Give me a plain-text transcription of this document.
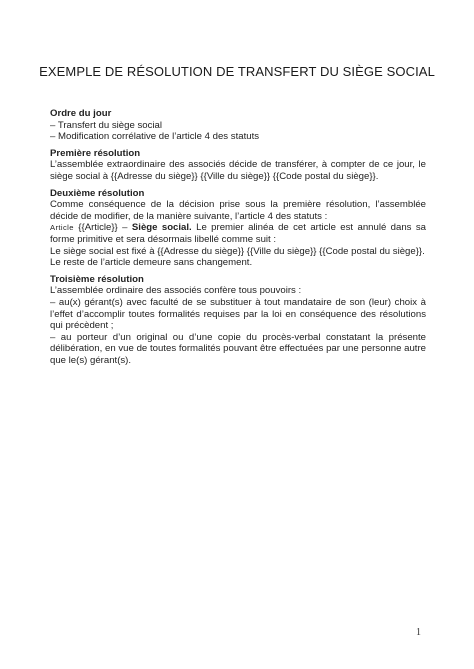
EXEMPLE DE RÉSOLUTION DE TRANSFERT DU SIÈGE SOCIAL

Ordre du jour

– Transfert du siège social

– Modification corrélative de l’article 4 des statuts

Première résolution

L’assemblée extraordinaire des associés décide de transférer, à compter de ce jour, le siège social à {{Adresse du siège}} {{Ville du siège}} {{Code postal du siège}}.

Deuxième résolution

Comme conséquence de la décision prise sous la première résolution, l’assemblée décide de modifier, de la manière suivante, l’article 4 des statuts :

Article {{Article}} – Siège social. Le premier alinéa de cet article est annulé dans sa forme primitive et sera désormais libellé comme suit :

Le siège social est fixé à {{Adresse du siège}} {{Ville du siège}} {{Code postal du siège}}.

Le reste de l’article demeure sans changement.

Troisième résolution

L’assemblée ordinaire des associés confère tous pouvoirs :

– au(x) gérant(s) avec faculté de se substituer à tout mandataire de son (leur) choix à l’effet d’accomplir toutes formalités requises par la loi en conséquence des résolutions qui précèdent ;

– au porteur d’un original ou d’une copie du procès-verbal constatant la présente délibération, en vue de toutes formalités pouvant être effectuées par une personne autre que le(s) gérant(s).

1
